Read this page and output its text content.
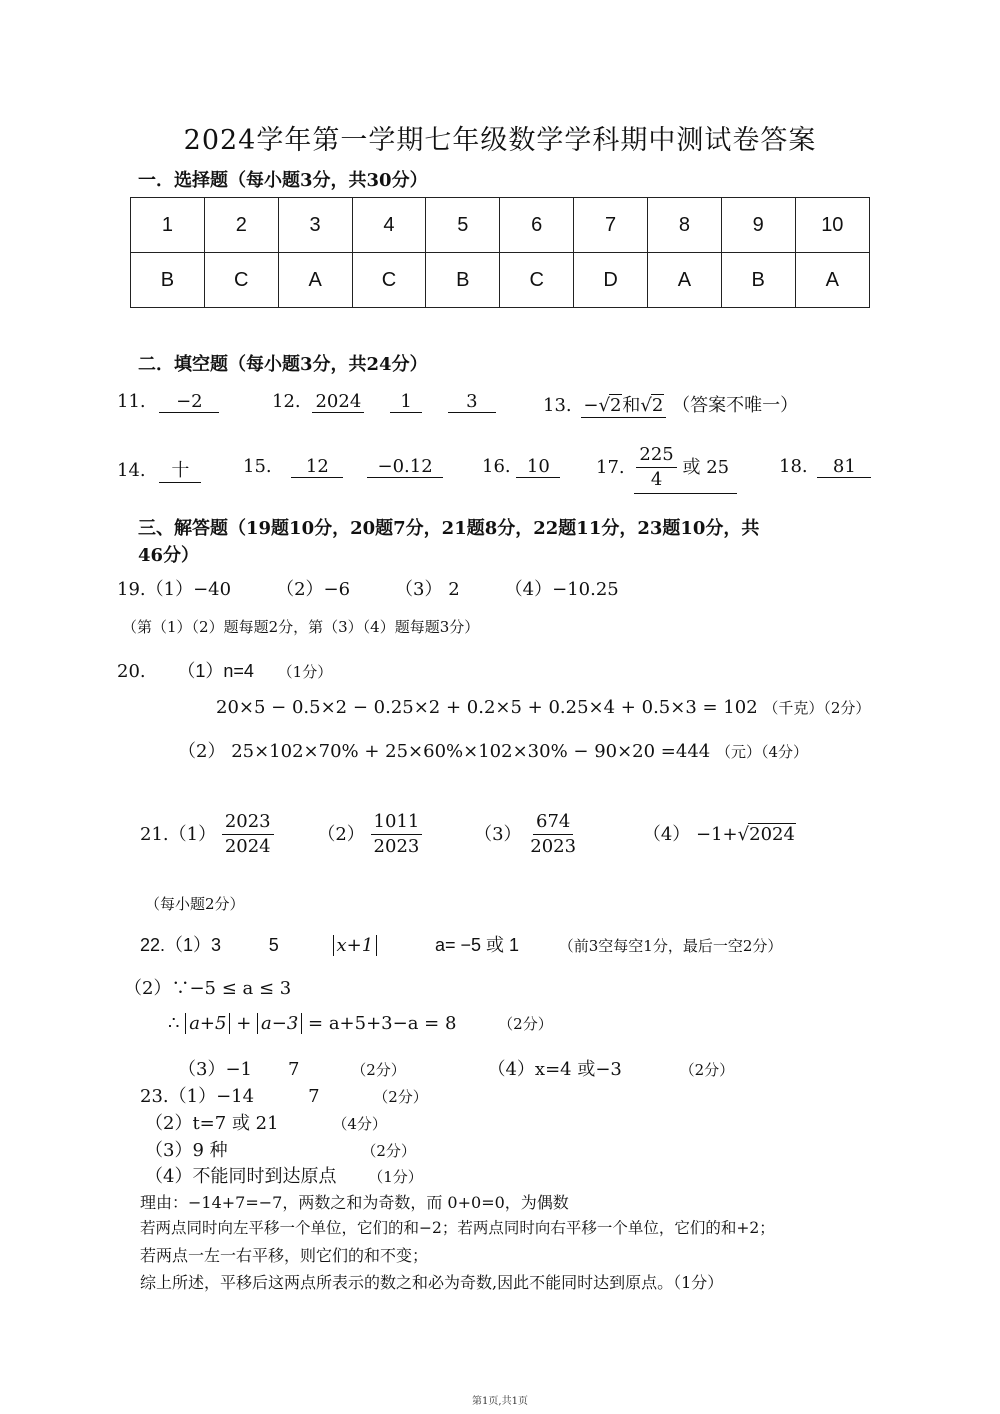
2024学年第一学期七年级数学学科期中测试卷答案
一．选择题（每小题3分，共30分）
1	2	3	4	5	6	7	8	9	10
B	C	A	C	B	C	D	A	B	A
二．填空题（每小题3分，共24分）
11. −2	12. 2024 1	3	13. −√2和√2 （答案不唯一）
14. 十	15. 12	−0.12	16. 10	17. $\frac{225}{4}$ 或 25	18. 81
三、解答题（19题10分，20题7分，21题8分，22题11分，23题10分，共
46分）
19.（1）−40　　　（2）−6　　　（3） 2　　　（4）−10.25
（第（1）（2）题每题2分，第（3）（4）题每题3分）
20. （1）n=4 （1分）
20×5 − 0.5×2 − 0.25×2 + 0.2×5 + 0.25×4 + 0.5×3 = 102 （千克）（2分）
（2） 25×102×70% + 25×60%×102×30% − 90×20 =444 （元）（4分）
$21.(1) \frac{2023}{2024} (2) \frac{1011}{2023}$	$(3) \frac{674}{2023}$	（4） −1+√2024
（每小题2分）
22.（1）3	5	x+1	a= −5 或 1	（前3空每空1分，最后一空2分）
（2）∵−5 ≤ a ≤ 3
∴ a+5 + a−3 = a+5+3−a = 8	（2分）
（3）−1　　7	（2分）	（4）x=4 或−3	（2分）
23.（1）−14　　　7	（2分）
（2）t=7 或 21	（4分）
（3）9 种	（2分）
（4）不能同时到达原点 （1分）
理由：−14+7=−7，两数之和为奇数，而 0+0=0，为偶数
若两点同时向左平移一个单位，它们的和−2；若两点同时向右平移一个单位，它们的和+2；
若两点一左一右平移，则它们的和不变；
综上所述，平移后这两点所表示的数之和必为奇数,因此不能同时达到原点。（1分）
第1页,共1页
